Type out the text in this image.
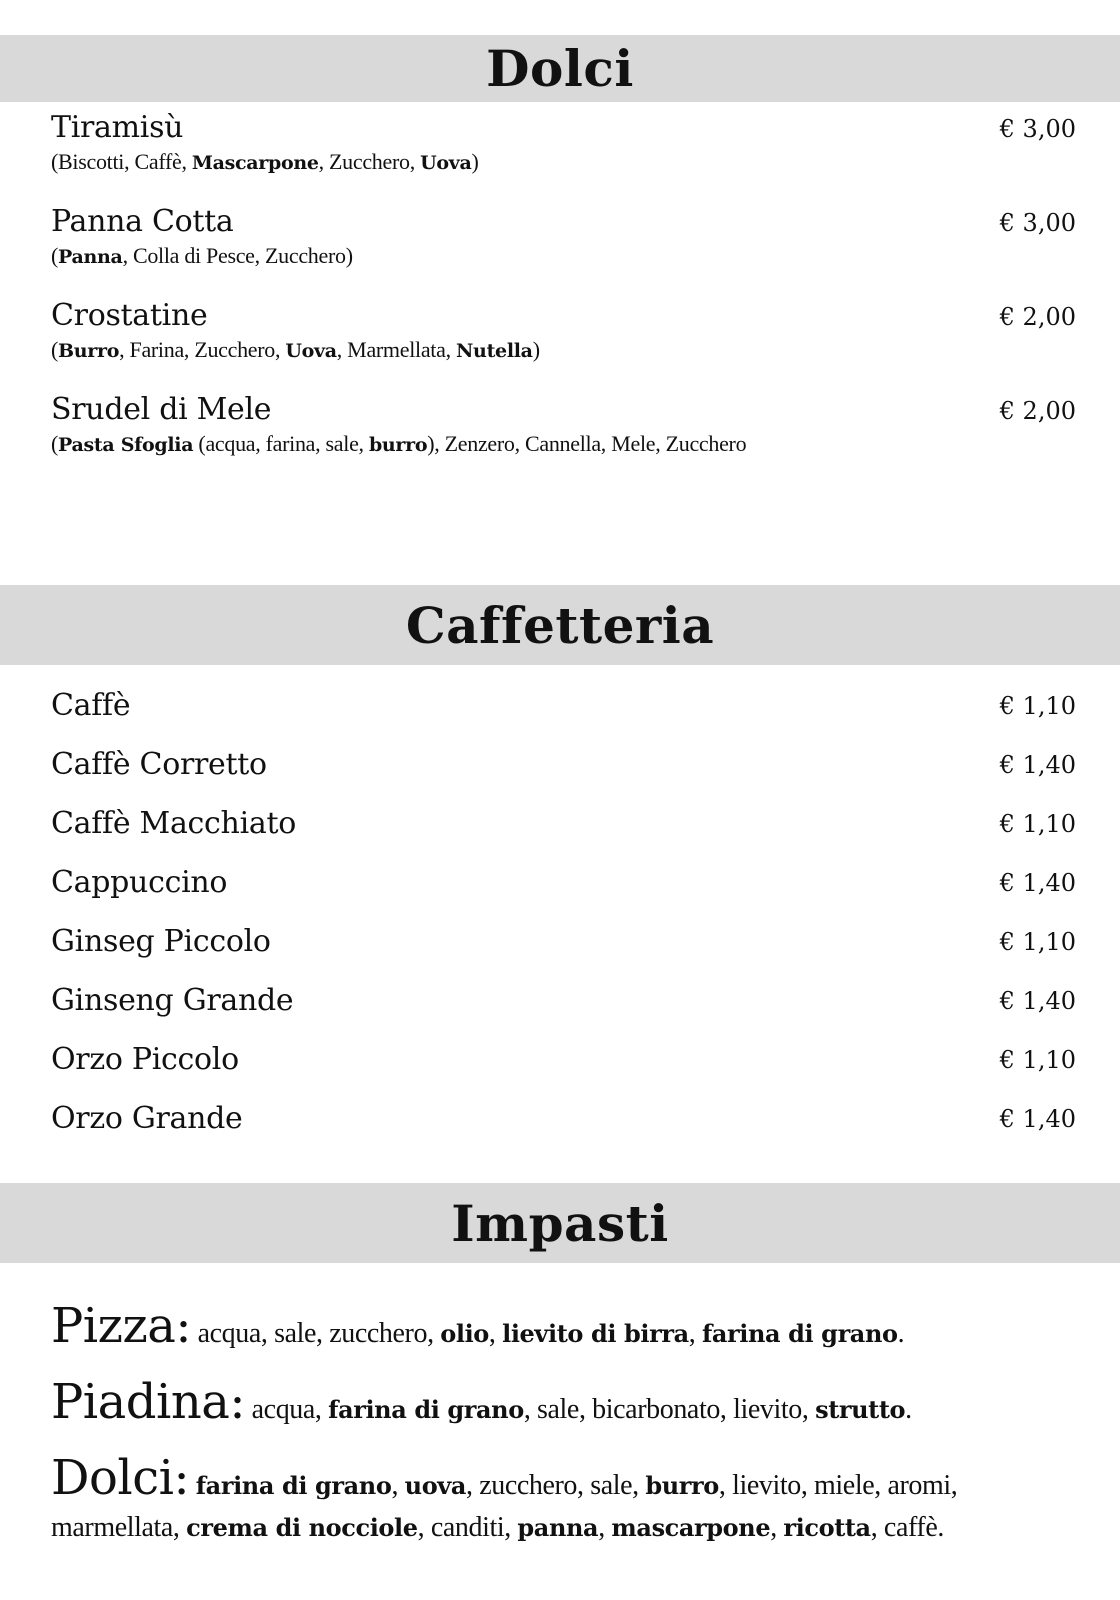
Dolci
Tiramisù	€ 3,00
(Biscotti, Caffè, Mascarpone, Zucchero, Uova)
Panna Cotta	€ 3,00
(Panna, Colla di Pesce, Zucchero)
Crostatine	€ 2,00
(Burro, Farina, Zucchero, Uova, Marmellata, Nutella)
Srudel di Mele	€ 2,00
(Pasta Sfoglia (acqua, farina, sale, burro), Zenzero, Cannella, Mele, Zucchero
Caffetteria
Caffè	€ 1,10
Caffè Corretto	€ 1,40
Caffè Macchiato	€ 1,10
Cappuccino	€ 1,40
Ginseg Piccolo	€ 1,10
Ginseng Grande	€ 1,40
Orzo Piccolo	€ 1,10
Orzo Grande	€ 1,40
Impasti
Pizza: acqua, sale, zucchero, olio, lievito di birra, farina di grano.
Piadina: acqua, farina di grano, sale, bicarbonato, lievito, strutto.
Dolci: farina di grano, uova, zucchero, sale, burro, lievito, miele, aromi,
marmellata, crema di nocciole, canditi, panna, mascarpone, ricotta, caffè.
